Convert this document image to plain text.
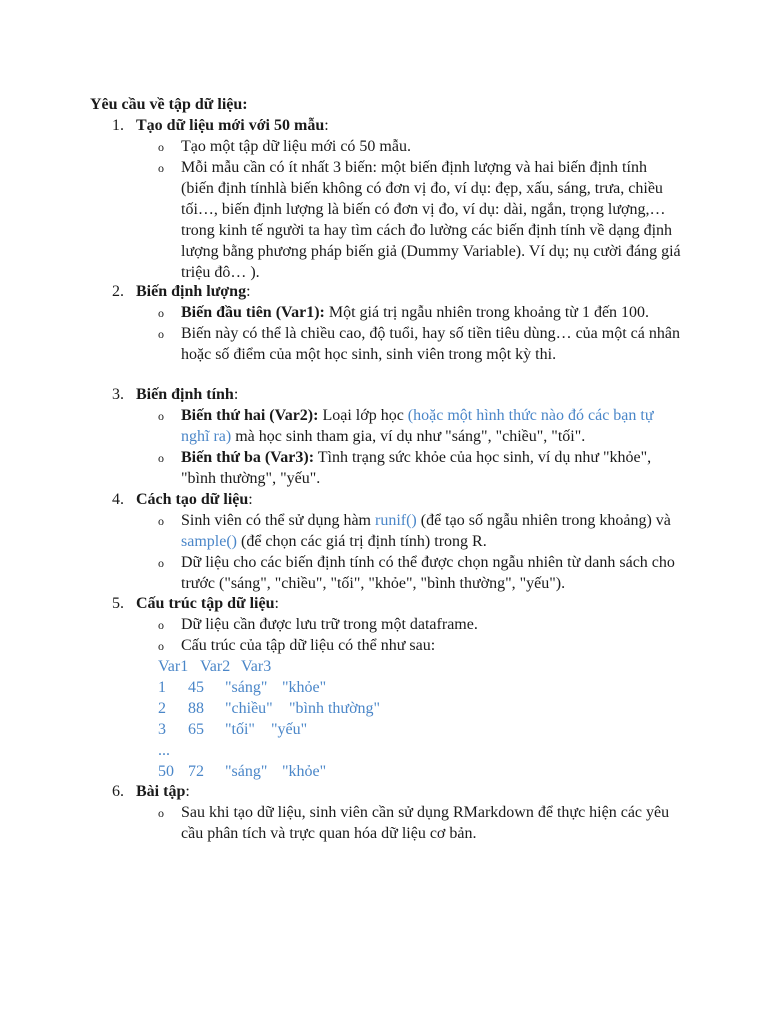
Yêu cầu về tập dữ liệu:
1. Tạo dữ liệu mới với 50 mẫu:
o Tạo một tập dữ liệu mới có 50 mẫu.
o Mỗi mẫu cần có ít nhất 3 biến: một biến định lượng và hai biến định tính (biến định tínhlà biến không có đơn vị đo, ví dụ: đẹp, xấu, sáng, trưa, chiều tối…, biến định lượng là biến có đơn vị đo, ví dụ: dài, ngắn, trọng lượng,… trong kinh tế người ta hay tìm cách đo lường các biến định tính về dạng định lượng bằng phương pháp biến giả (Dummy Variable). Ví dụ; nụ cười đáng giá triệu đô… ).
2. Biến định lượng:
o Biến đầu tiên (Var1): Một giá trị ngẫu nhiên trong khoảng từ 1 đến 100.
o Biến này có thể là chiều cao, độ tuổi, hay số tiền tiêu dùng… của một cá nhân hoặc số điểm của một học sinh, sinh viên trong một kỳ thi.
3. Biến định tính:
o Biến thứ hai (Var2): Loại lớp học (hoặc một hình thức nào đó các bạn tự nghĩ ra) mà học sinh tham gia, ví dụ như "sáng", "chiều", "tối".
o Biến thứ ba (Var3): Tình trạng sức khỏe của học sinh, ví dụ như "khỏe", "bình thường", "yếu".
4. Cách tạo dữ liệu:
o Sinh viên có thể sử dụng hàm runif() (để tạo số ngẫu nhiên trong khoảng) và sample() (để chọn các giá trị định tính) trong R.
o Dữ liệu cho các biến định tính có thể được chọn ngẫu nhiên từ danh sách cho trước ("sáng", "chiều", "tối", "khỏe", "bình thường", "yếu").
5. Cấu trúc tập dữ liệu:
o Dữ liệu cần được lưu trữ trong một dataframe.
o Cấu trúc của tập dữ liệu có thể như sau:
Var1 Var2 Var3
1 45 "sáng" "khỏe"
2 88 "chiều" "bình thường"
3 65 "tối" "yếu"
...
50 72 "sáng" "khỏe"
6. Bài tập:
o Sau khi tạo dữ liệu, sinh viên cần sử dụng RMarkdown để thực hiện các yêu cầu phân tích và trực quan hóa dữ liệu cơ bản.
